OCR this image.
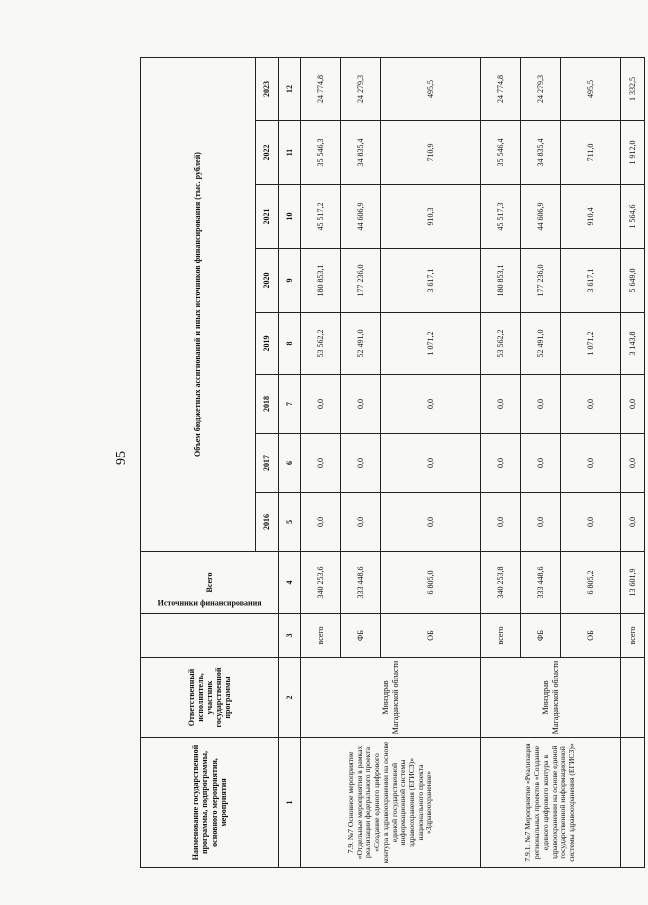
95
Наименование государственной программы, подпрограммы, основного мероприятия, мероприятия	Ответственный исполнитель, участник государственной программы	Источники финансирования	Всего	Объем бюджетных ассигнований и иных источников финансирования (тыс. рублей)							
				2016	2017	2018	2019	2020	2021	2022	2023
1	2	3	4	5	6	7	8	9	10	11	12
7.9. №7 Основное мероприятие «Отдельные мероприятия в рамках реализации федерального проекта «Создание единого цифрового контура в здравоохранении на основе единой государственной информационной системы здравоохранения (ЕГИСЗ)» национального проекта «Здравоохранение»	Минздрав Магаданской области	всего	340 253,6	0,0	0,0	0,0	53 562,2	180 853,1	45 517,2	35 546,3	24 774,8
		ФБ	333 448,6	0,0	0,0	0,0	52 491,0	177 236,0	44 606,9	34 835,4	24 279,3
		ОБ	6 805,0	0,0	0,0	0,0	1 071,2	3 617,1	910,3	710,9	495,5
7.9.1. №7 Мероприятие «Реализация региональных проектов «Создание единого цифрового контура в здравоохранении на основе единой государственной информационной системы здравоохранения (ЕГИСЗ)»	Минздрав Магаданской области	всего	340 253,8	0,0	0,0	0,0	53 562,2	180 853,1	45 517,3	35 546,4	24 774,8
		ФБ	333 448,6	0,0	0,0	0,0	52 491,0	177 236,0	44 606,9	34 835,4	24 279,3
		ОБ	6 805,2	0,0	0,0	0,0	1 071,2	3 617,1	910,4	711,0	495,5
		всего	13 601,9	0,0	0,0	0,0	3 143,8	5 649,0	1 564,6	1 912,0	1 332,5
